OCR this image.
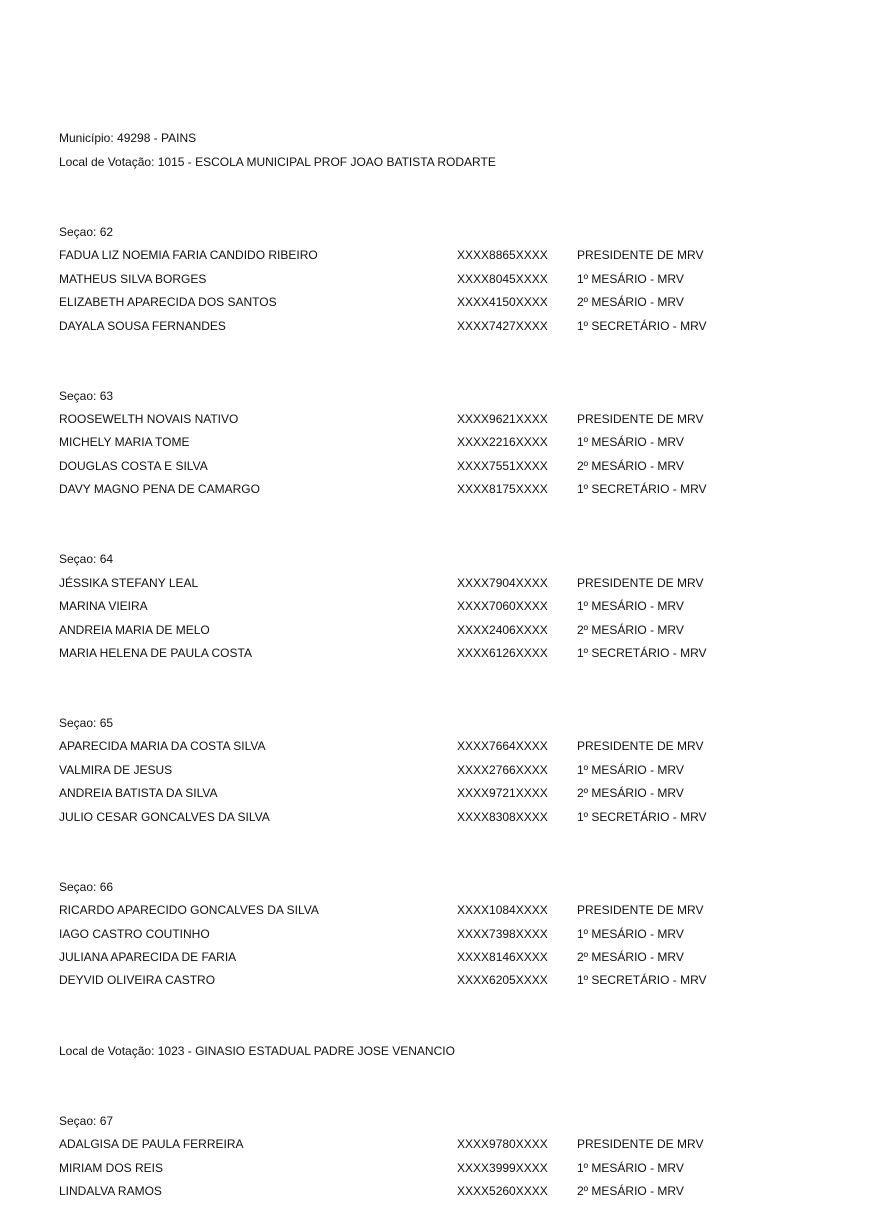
Município: 49298 - PAINS
Local de Votação: 1015 - ESCOLA MUNICIPAL PROF JOAO BATISTA RODARTE
Seçao: 62
FADUA LIZ NOEMIA FARIA CANDIDO RIBEIRO	XXXX8865XXXX PRESIDENTE DE MRV
MATHEUS SILVA BORGES	XXXX8045XXXX 1º MESÁRIO - MRV
ELIZABETH APARECIDA DOS SANTOS	XXXX4150XXXX 2º MESÁRIO - MRV
DAYALA SOUSA FERNANDES	XXXX7427XXXX 1º SECRETÁRIO - MRV
Seçao: 63
ROOSEWELTH NOVAIS NATIVO	XXXX9621XXXX PRESIDENTE DE MRV
MICHELY MARIA TOME	XXXX2216XXXX 1º MESÁRIO - MRV
DOUGLAS COSTA E SILVA	XXXX7551XXXX 2º MESÁRIO - MRV
DAVY MAGNO PENA DE CAMARGO	XXXX8175XXXX 1º SECRETÁRIO - MRV
Seçao: 64
JÉSSIKA STEFANY LEAL	XXXX7904XXXX PRESIDENTE DE MRV
MARINA VIEIRA	XXXX7060XXXX 1º MESÁRIO - MRV
ANDREIA MARIA DE MELO	XXXX2406XXXX 2º MESÁRIO - MRV
MARIA HELENA DE PAULA COSTA	XXXX6126XXXX 1º SECRETÁRIO - MRV
Seçao: 65
APARECIDA MARIA DA COSTA SILVA	XXXX7664XXXX PRESIDENTE DE MRV
VALMIRA DE JESUS	XXXX2766XXXX 1º MESÁRIO - MRV
ANDREIA BATISTA DA SILVA	XXXX9721XXXX 2º MESÁRIO - MRV
JULIO CESAR GONCALVES DA SILVA	XXXX8308XXXX 1º SECRETÁRIO - MRV
Seçao: 66
RICARDO APARECIDO GONCALVES DA SILVA	XXXX1084XXXX PRESIDENTE DE MRV
IAGO CASTRO COUTINHO	XXXX7398XXXX 1º MESÁRIO - MRV
JULIANA APARECIDA DE FARIA	XXXX8146XXXX 2º MESÁRIO - MRV
DEYVID OLIVEIRA CASTRO	XXXX6205XXXX 1º SECRETÁRIO - MRV
Local de Votação: 1023 - GINASIO ESTADUAL PADRE JOSE VENANCIO
Seçao: 67
ADALGISA DE PAULA FERREIRA	XXXX9780XXXX PRESIDENTE DE MRV
MIRIAM DOS REIS	XXXX3999XXXX 1º MESÁRIO - MRV
LINDALVA RAMOS	XXXX5260XXXX 2º MESÁRIO - MRV
